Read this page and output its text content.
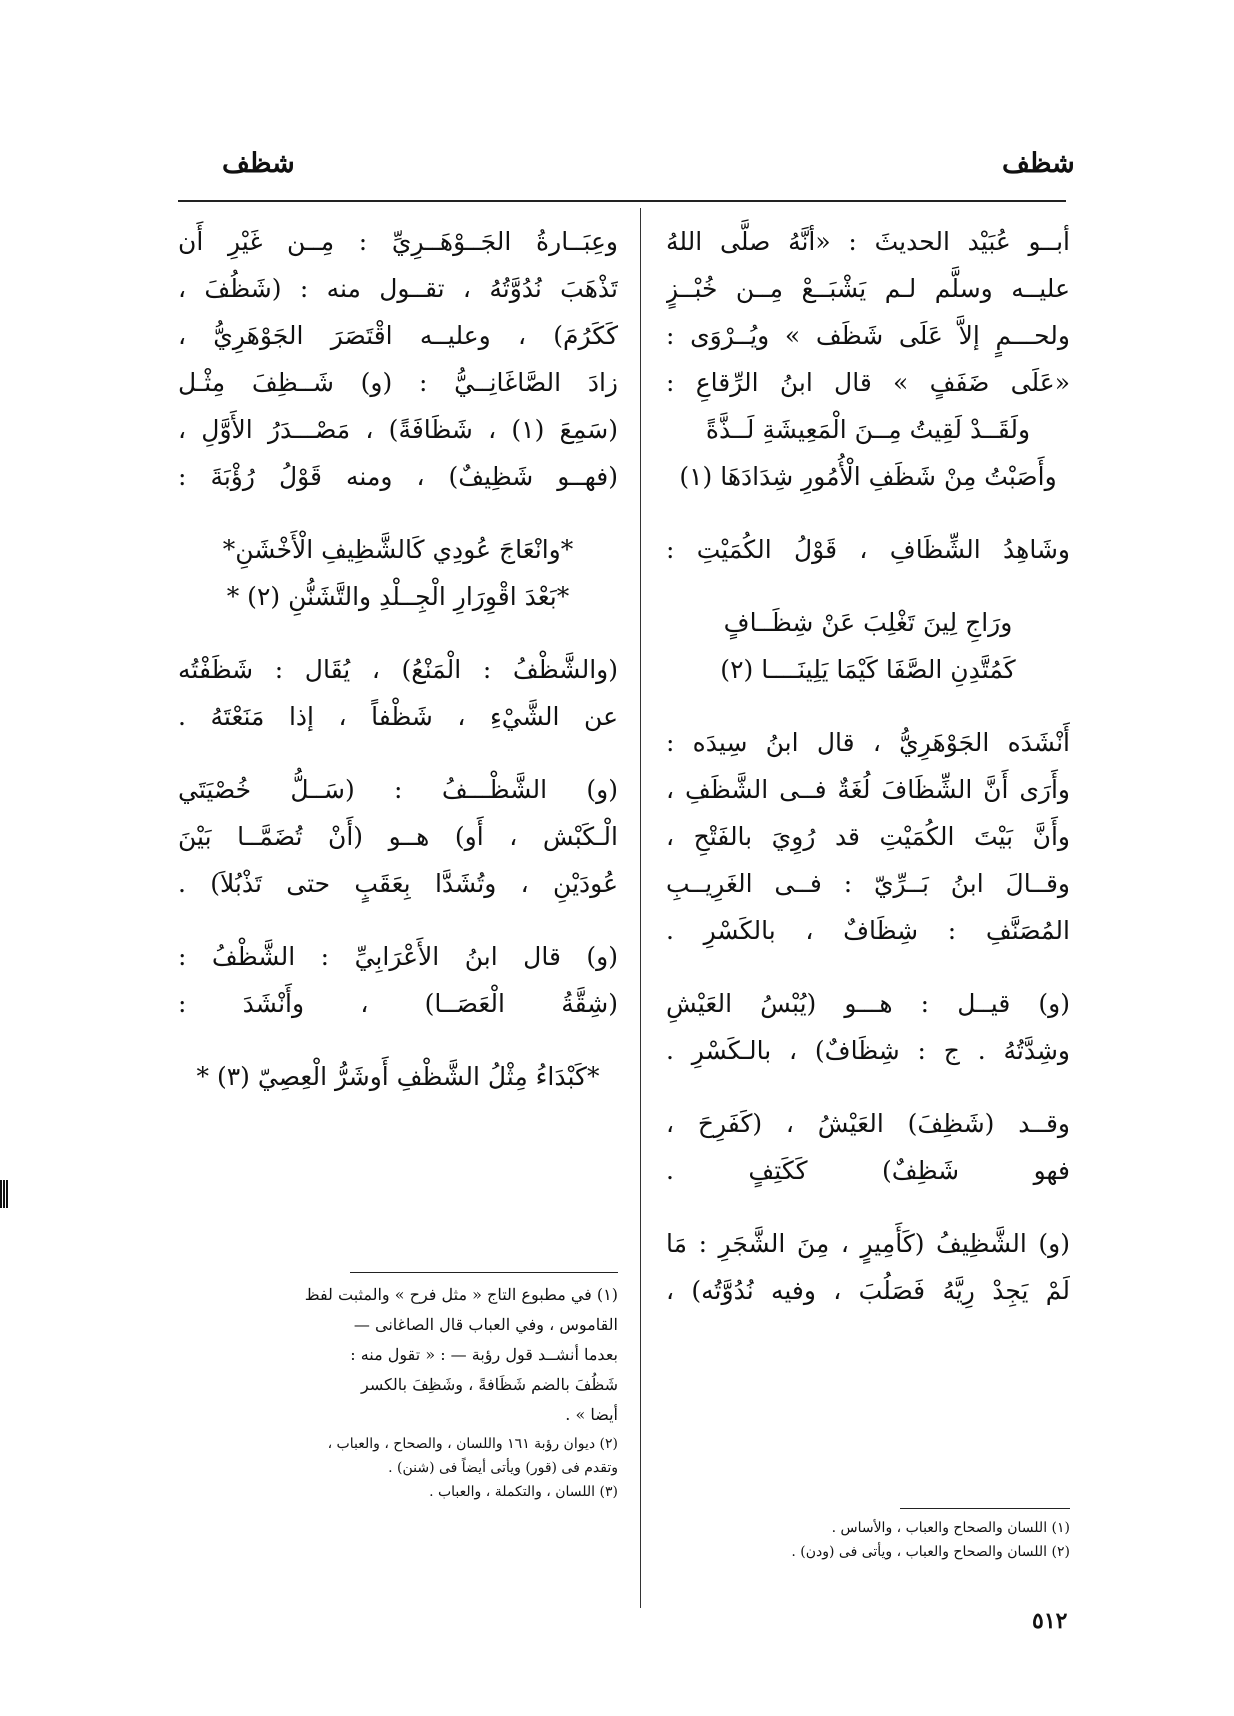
شظف
شظف
أبــو عُبَيْد الحديثَ : «أنَّهُ صلَّى اللهُ
عليــه وسلَّم لـم يَشْبَــعْ مِــن خُبْــزٍ
ولحـــمٍ إلاَّ عَلَى شَظَف » ويُــرْوَى :
«عَلَى ضَفَفٍ » قال ابنُ الرِّقاعِ :
ولَقَــدْ لَقِيتُ مِــنَ الْمَعِيشَةِ لَــذَّةً
وأَصَبْتُ مِنْ شَظَفِ الْأُمُورِ شِدَادَهَا (١)
وشَاهِدُ الشِّظَافِ ، قَوْلُ الكُمَيْتِ :
ورَاجِ لِينَ تَغْلِبَ عَنْ شِظَــافٍ
كَمُتَّدِنِ الصَّفَا كَيْمَا يَلِينَــــا (٢)
أَنْشَدَه الجَوْهَرِيُّ ، قال ابنُ سِيدَه :
وأَرَى أَنَّ الشِّظَافَ لُغَةٌ فــى الشَّظَفِ ،
وأَنَّ بَيْتَ الكُمَيْتِ قد رُوِيَ بالفَتْحِ ،
وقــالَ ابنُ بَــرِّيّ : فــى الغَرِيــبِ
المُصَنَّفِ : شِظَافٌ ، بالكَسْرِ .
(و) قيــل : هـــو (يُبْسُ العَيْشِ
وشِدَّتُهُ . ج : شِظَافٌ) ، بالـكَسْرِ .
وقــد (شَظِفَ) العَيْشُ ، (كَفَرِحَ ،
فهو شَظِفٌ) كَكَتِفٍ .
(و) الشَّظِيفُ (كَأَمِيرٍ ، مِنَ الشَّجَرِ : مَا
لَمْ يَجِدْ رِيَّهُ فَصَلُبَ ، وفيه نُدُوَّتُه) ،
(١) اللسان والصحاح والعباب ، والأساس .
(٢) اللسان والصحاح والعباب ، ويأتى فى (ودن) .
وعِبَــارةُ الجَــوْهَــرِيِّ : مِــن غَيْرِ أَن
تَذْهَبَ نُدُوَّتُهُ ، تقــول منه : (شَظُفَ ،
كَكَرُمَ) ، وعليــه اقْتَصَرَ الجَوْهَرِيُّ ،
زادَ الصَّاغَانِــيُّ : (و) شَــظِفَ مِثْـل
(سَمِعَ (١) ، شَظَافَةً) ، مَصْـــدَرُ الأَوَّلِ ،
(فهــو شَظِيفٌ) ، ومنه قَوْلُ رُؤْبَةَ :
*وانْعَاجَ عُودِي كَالشَّظِيفِ الْأَخْشَنِ*
*بَعْدَ اقْوِرَارِ الْجِــلْدِ والتَّشَنُّنِ (٢) *
(والشَّظْفُ : الْمَنْعُ) ، يُقَال : شَظَفْتُه
عن الشَّيْءِ ، شَظْفاً ، إذا مَنَعْتَهُ .
(و) الشَّظْـــفُ : (سَــلُّ خُصْيَتَي
الْـكَبْش ، أَو) هــو (أَنْ تُضَمَّــا بَيْنَ
عُودَيْنِ ، وتُشَدَّا بِعَقَبٍ حتى تَذْبُلاَ) .
(و) قال ابنُ الأَعْرَابِيِّ : الشَّظْفُ :
(شِقَّةُ الْعَصَــا) ، وأَنْشَدَ :
*كَبْدَاءُ مِثْلُ الشَّظْفِ أَوشَرُّ الْعِصِيّ (٣) *
(١) في مطبوع التاج « مثل فرح » والمثبت لفظ
القاموس ، وفي العباب قال الصاغانى —
بعدما أنشــد قول رؤبة — : « تقول منه :
شَظُفَ بالضم شَظَافةً ، وشَظِفَ بالكسر
أيضا » .
(٢) ديوان رؤبة ١٦١ واللسان ، والصحاح ، والعباب ،
وتقدم فى (قور) ويأتى أيضاً فى (شنن) .
(٣) اللسان ، والتكملة ، والعباب .
٥١٢
